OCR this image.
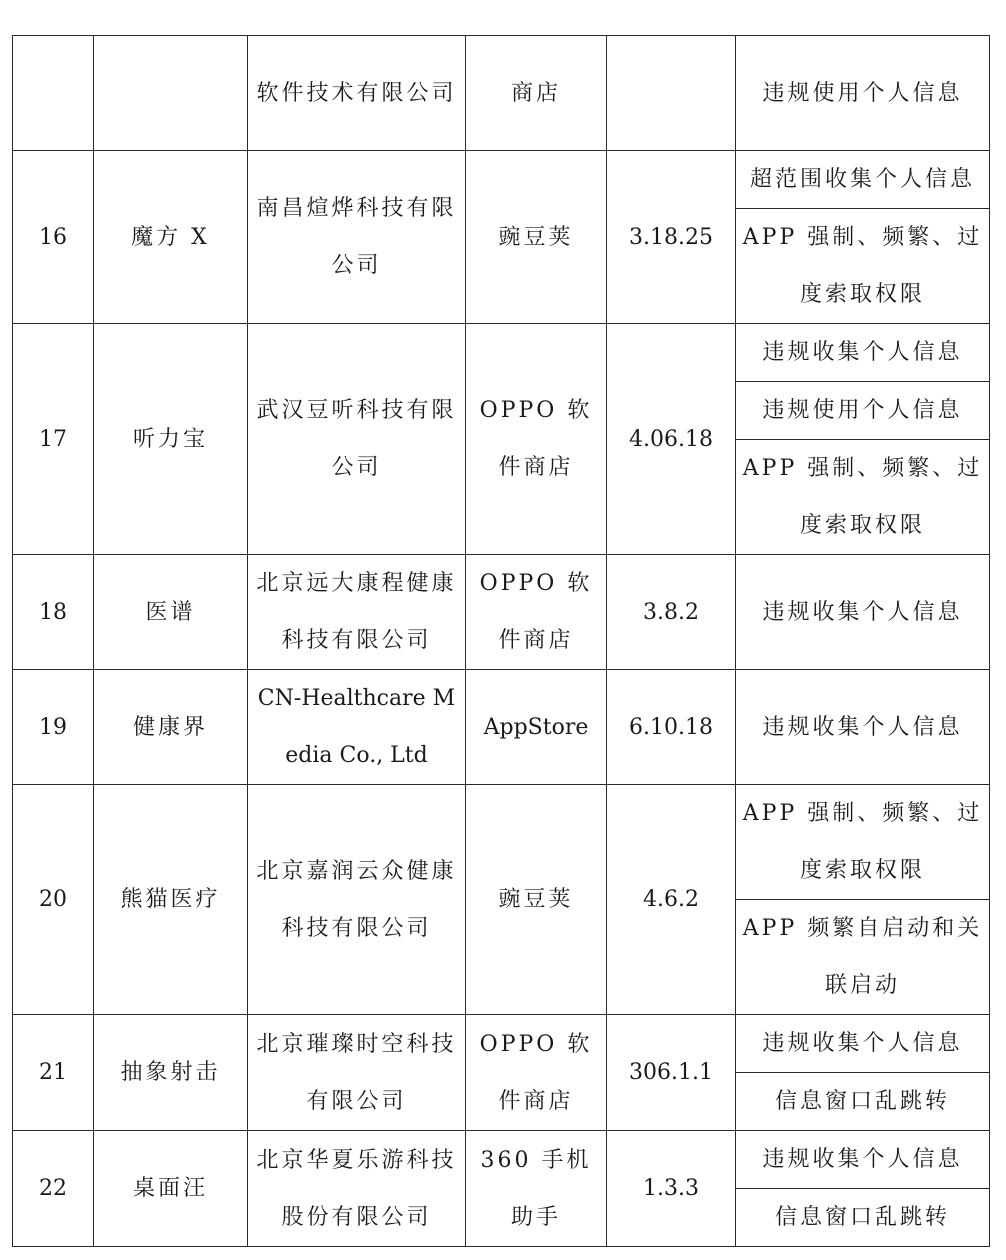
		软件技术有限公司	商店		违规使用个人信息
16	魔方 X	南昌煊烨科技有限公司	豌豆荚	3.18.25	超范围收集个人信息
					APP 强制、频繁、过度索取权限
17	听力宝	武汉豆听科技有限公司	OPPO 软件商店	4.06.18	违规收集个人信息
					违规使用个人信息
					APP 强制、频繁、过度索取权限
18	医谱	北京远大康程健康科技有限公司	OPPO 软件商店	3.8.2	违规收集个人信息
19	健康界	CN-Healthcare Media Co., Ltd	AppStore	6.10.18	违规收集个人信息
20	熊猫医疗	北京嘉润云众健康科技有限公司	豌豆荚	4.6.2	APP 强制、频繁、过度索取权限
					APP 频繁自启动和关联启动
21	抽象射击	北京璀璨时空科技有限公司	OPPO 软件商店	306.1.1	违规收集个人信息
					信息窗口乱跳转
22	桌面汪	北京华夏乐游科技股份有限公司	360 手机助手	1.3.3	违规收集个人信息
					信息窗口乱跳转
